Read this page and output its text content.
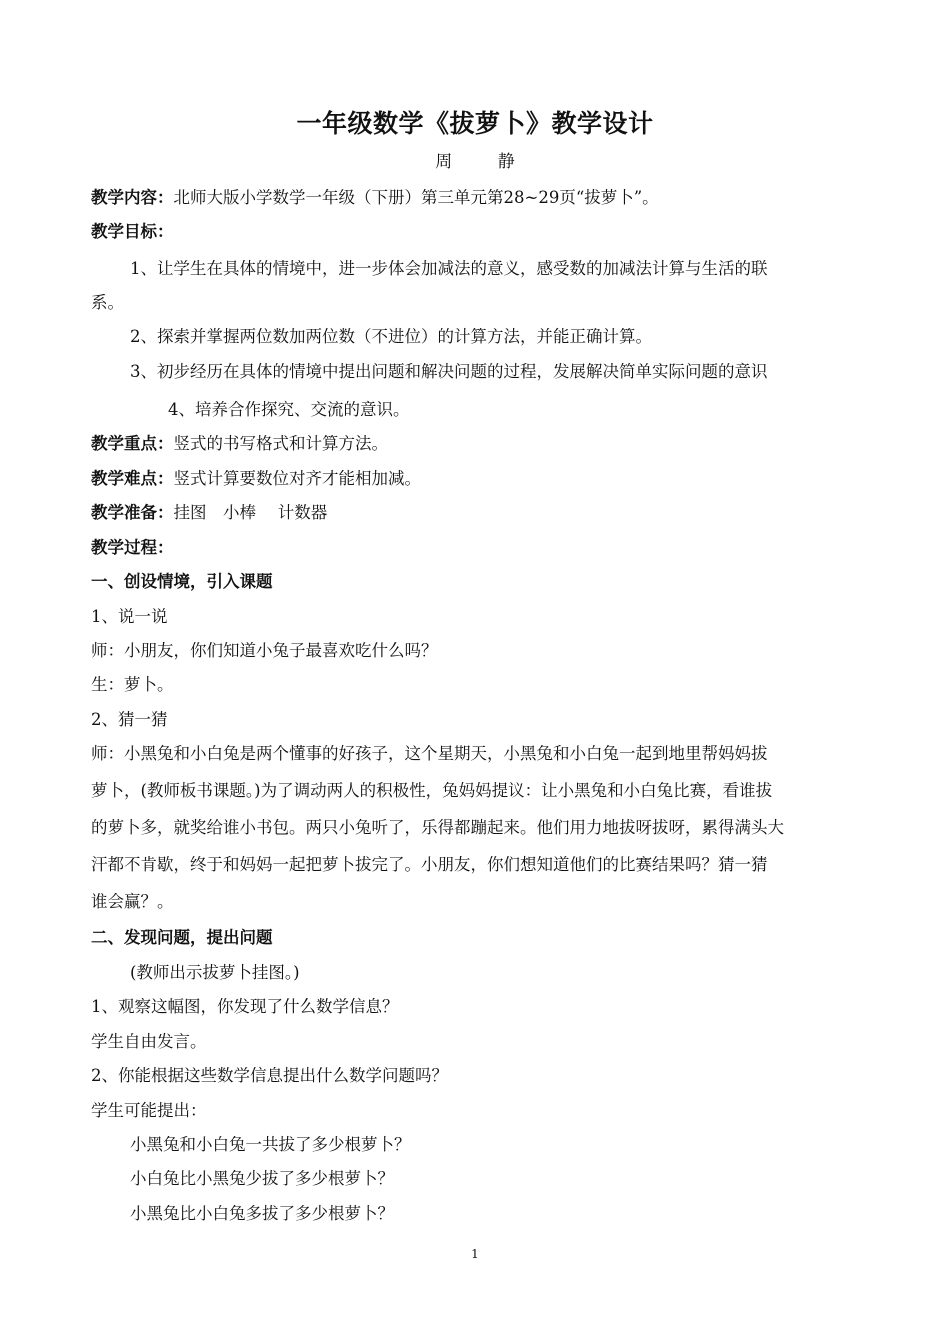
一年级数学《拔萝卜》教学设计
周 静
教学内容：北师大版小学数学一年级（下册）第三单元第28~29页“拔萝卜”。
教学目标：
1、让学生在具体的情境中，进一步体会加减法的意义，感受数的加减法计算与生活的联
系。
2、探索并掌握两位数加两位数（不进位）的计算方法，并能正确计算。
3、初步经历在具体的情境中提出问题和解决问题的过程，发展解决简单实际问题的意识
4、培养合作探究、交流的意识。
教学重点：竖式的书写格式和计算方法。
教学难点：竖式计算要数位对齐才能相加减。
教学准备：挂图　小棒　 计数器
教学过程：
一、创设情境，引入课题
1、说一说
师：小朋友，你们知道小兔子最喜欢吃什么吗？
生：萝卜。
2、猜一猜
师：小黑兔和小白兔是两个懂事的好孩子，这个星期天，小黑兔和小白兔一起到地里帮妈妈拔
萝卜，(教师板书课题。)为了调动两人的积极性，兔妈妈提议：让小黑兔和小白兔比赛，看谁拔
的萝卜多，就奖给谁小书包。两只小兔听了，乐得都蹦起来。他们用力地拔呀拔呀，累得满头大
汗都不肯歇，终于和妈妈一起把萝卜拔完了。小朋友，你们想知道他们的比赛结果吗？猜一猜
谁会赢？。
二、发现问题，提出问题
(教师出示拔萝卜挂图。)
1、观察这幅图，你发现了什么数学信息？
学生自由发言。
2、你能根据这些数学信息提出什么数学问题吗？
学生可能提出：
小黑兔和小白兔一共拔了多少根萝卜？
小白兔比小黑兔少拔了多少根萝卜？
小黑兔比小白兔多拔了多少根萝卜？
1
